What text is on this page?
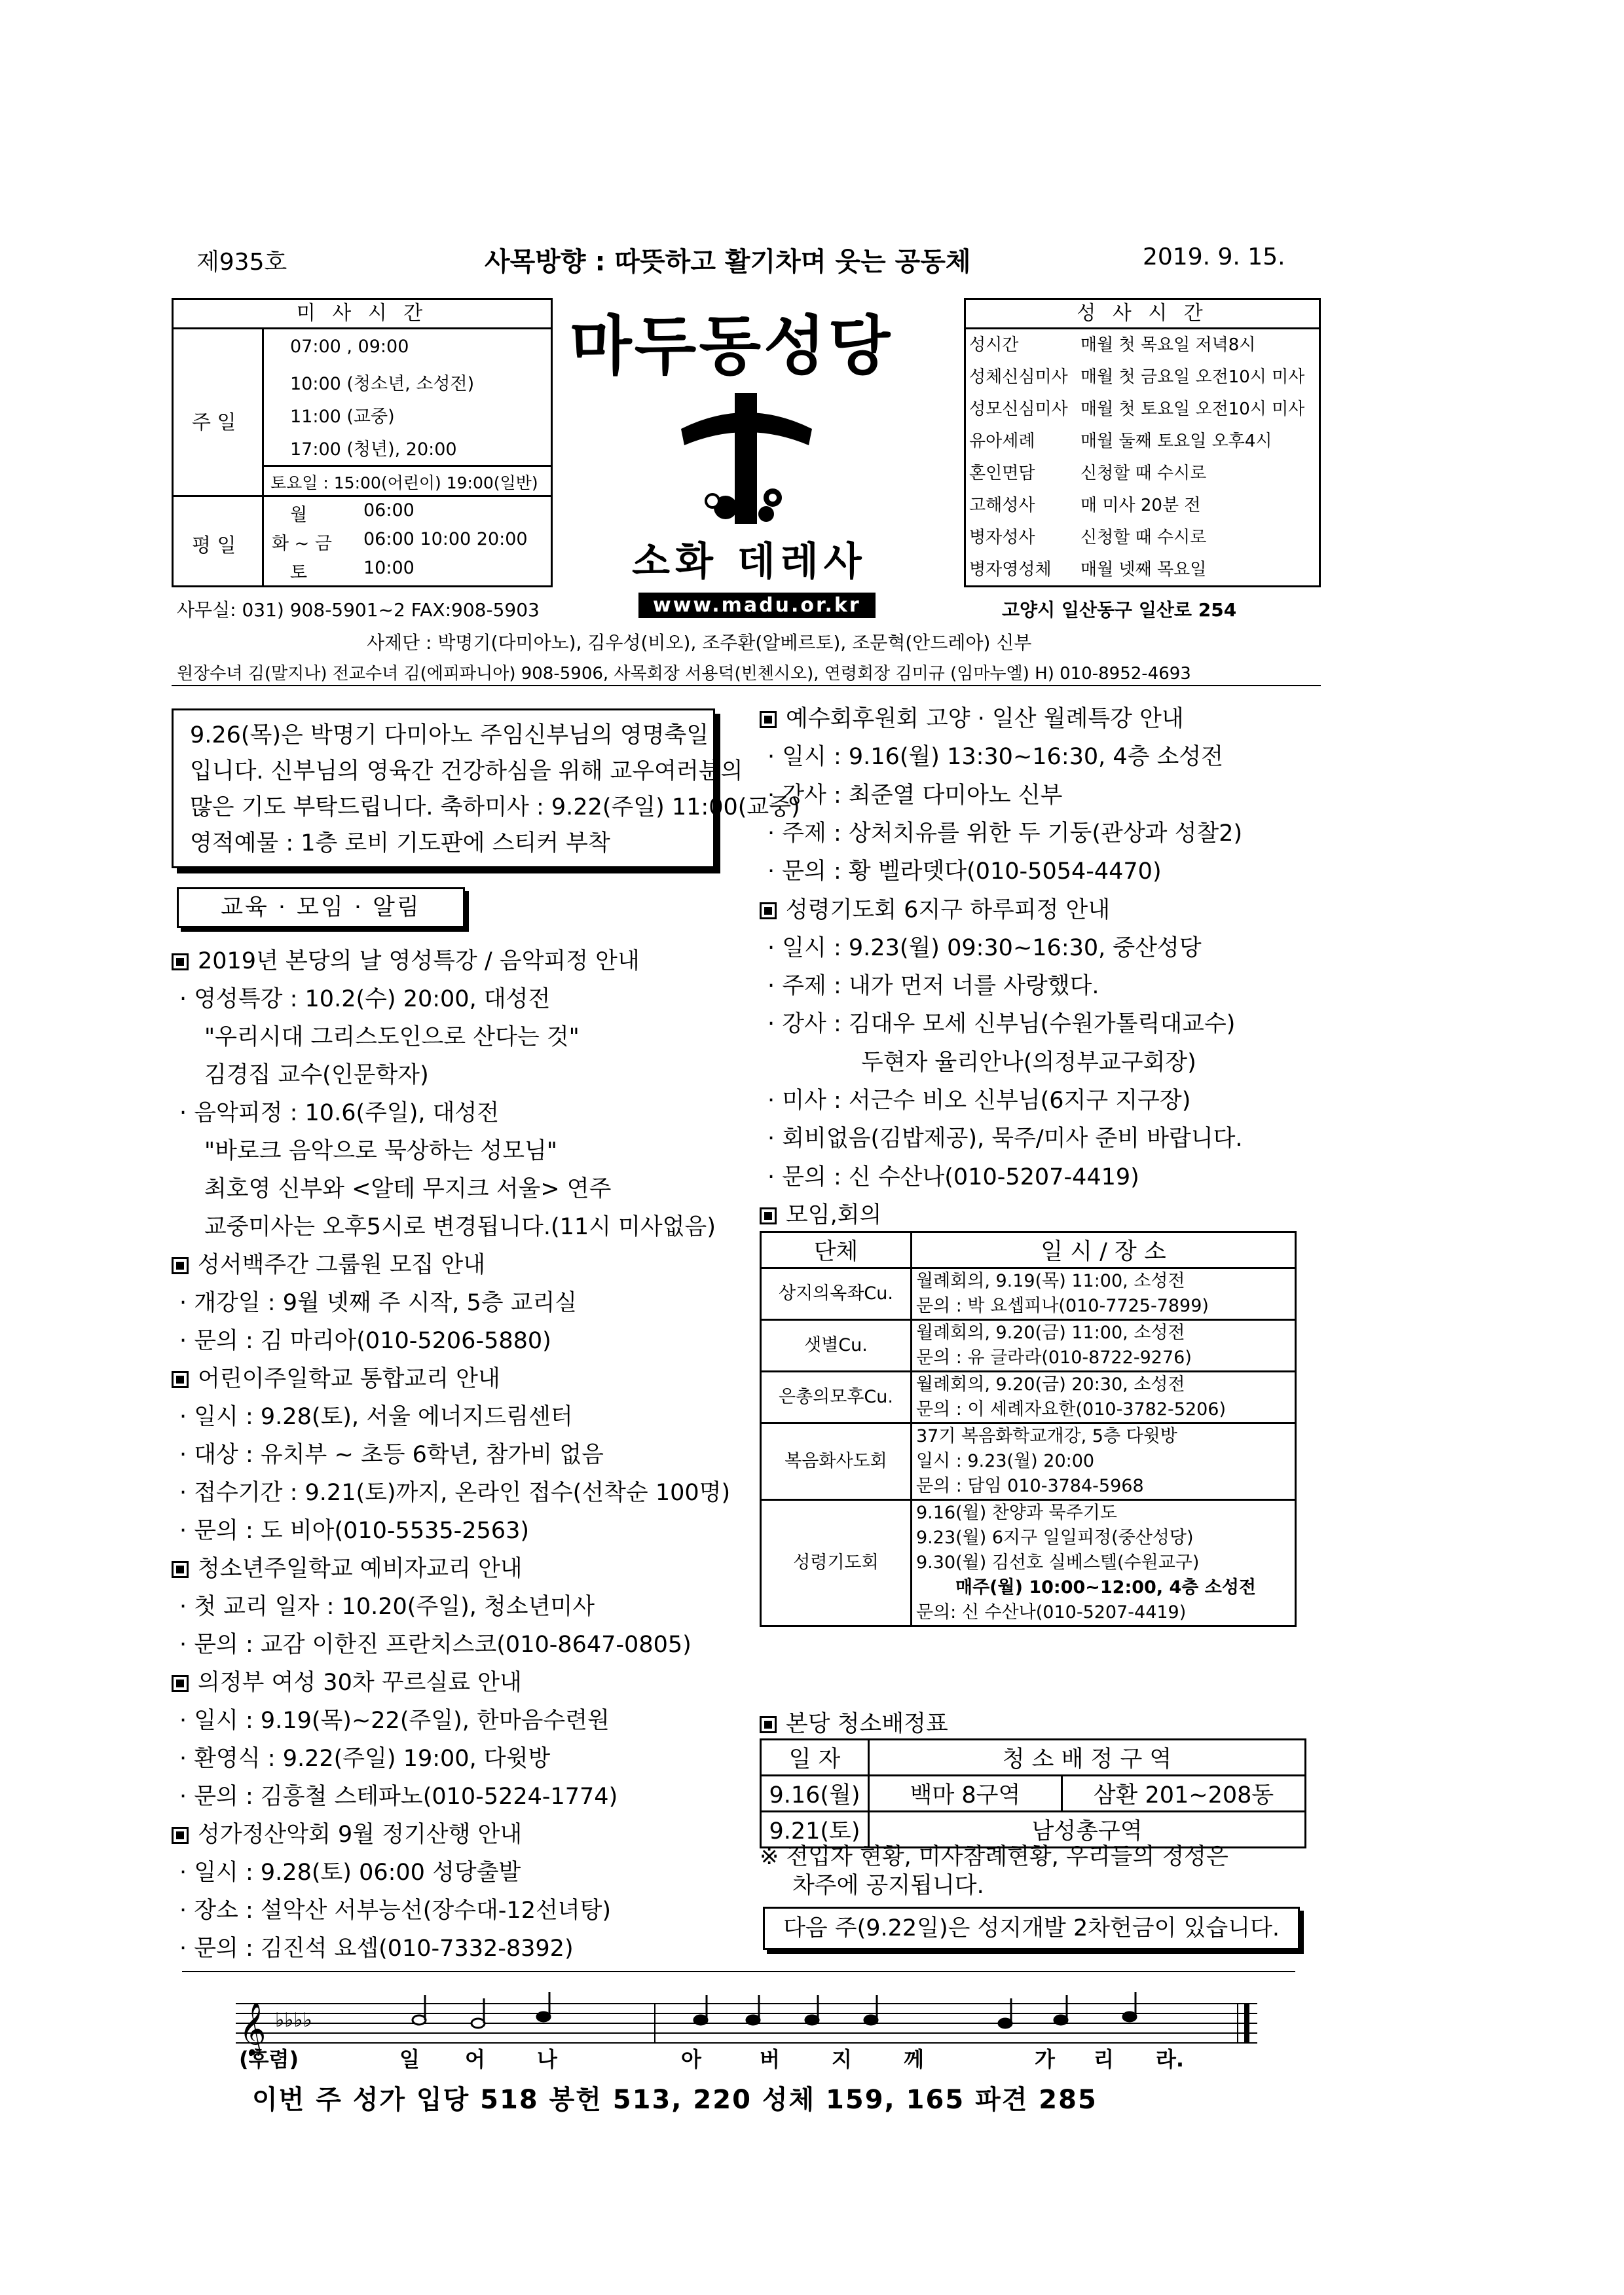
제935호	사목방향 : 따뜻하고 활기차며 웃는 공동체	2019. 9. 15.
미 사 시 간
주 일
07:00 , 09:00
10:00 (청소년, 소성전)
11:00 (교중)
17:00 (청년), 20:00
토요일 : 15:00(어린이) 19:00(일반)
평 일
월	06:00
화 ~ 금 06:00 10:00 20:00
토	10:00
마두동성당
소화 데레사
성 사 시 간
성시간	매월 첫 목요일 저녁8시
성체신심미사 매월 첫 금요일 오전10시 미사
성모신심미사 매월 첫 토요일 오전10시 미사
유아세례	매월 둘째 토요일 오후4시
혼인면담	신청할 때 수시로
고해성사	매 미사 20분 전
병자성사	신청할 때 수시로
병자영성체 매월 넷째 목요일
사무실: 031) 908-5901~2 FAX:908-5903	www.madu.or.kr	고양시 일산동구 일산로 254
사제단 : 박명기(다미아노), 김우성(비오), 조주환(알베르토), 조문혁(안드레아) 신부
원장수녀 김(말지나) 전교수녀 김(에피파니아) 908-5906, 사목회장 서용덕(빈첸시오), 연령회장 김미규 (임마누엘) H) 010-8952-4693
9.26(목)은 박명기 다미아노 주임신부님의 영명축일
입니다. 신부님의 영육간 건강하심을 위해 교우여러분의
많은 기도 부탁드립니다. 축하미사 : 9.22(주일) 11:00(교중)
영적예물 : 1층 로비 기도판에 스티커 부착
교육 · 모임 · 알림
2019년 본당의 날 영성특강 / 음악피정 안내
· 영성특강 : 10.2(수) 20:00, 대성전
"우리시대 그리스도인으로 산다는 것"
김경집 교수(인문학자)
· 음악피정 : 10.6(주일), 대성전
"바로크 음악으로 묵상하는 성모님"
최호영 신부와 <알테 무지크 서울> 연주
교중미사는 오후5시로 변경됩니다.(11시 미사없음)
성서백주간 그룹원 모집 안내
· 개강일 : 9월 넷째 주 시작, 5층 교리실
· 문의 : 김 마리아(010-5206-5880)
어린이주일학교 통합교리 안내
· 일시 : 9.28(토), 서울 에너지드림센터
· 대상 : 유치부 ~ 초등 6학년, 참가비 없음
· 접수기간 : 9.21(토)까지, 온라인 접수(선착순 100명)
· 문의 : 도 비아(010-5535-2563)
청소년주일학교 예비자교리 안내
· 첫 교리 일자 : 10.20(주일), 청소년미사
· 문의 : 교감 이한진 프란치스코(010-8647-0805)
의정부 여성 30차 꾸르실료 안내
· 일시 : 9.19(목)~22(주일), 한마음수련원
· 환영식 : 9.22(주일) 19:00, 다윗방
· 문의 : 김흥철 스테파노(010-5224-1774)
성가정산악회 9월 정기산행 안내
· 일시 : 9.28(토) 06:00 성당출발
· 장소 : 설악산 서부능선(장수대-12선녀탕)
· 문의 : 김진석 요셉(010-7332-8392)
예수회후원회 고양 · 일산 월례특강 안내
· 일시 : 9.16(월) 13:30~16:30, 4층 소성전
· 강사 : 최준열 다미아노 신부
· 주제 : 상처치유를 위한 두 기둥(관상과 성찰2)
· 문의 : 황 벨라뎃다(010-5054-4470)
성령기도회 6지구 하루피정 안내
· 일시 : 9.23(월) 09:30~16:30, 중산성당
· 주제 : 내가 먼저 너를 사랑했다.
· 강사 : 김대우 모세 신부님(수원가톨릭대교수)
두현자 율리안나(의정부교구회장)
· 미사 : 서근수 비오 신부님(6지구 지구장)
· 회비없음(김밥제공), 묵주/미사 준비 바랍니다.
· 문의 : 신 수산나(010-5207-4419)
모임,회의
단체	일 시 / 장 소
상지의옥좌Cu.	월례회의, 9.19(목) 11:00, 소성전
문의 : 박 요셉피나(010-7725-7899)

샛별Cu.	월례회의, 9.20(금) 11:00, 소성전
문의 : 유 글라라(010-8722-9276)

은총의모후Cu.	월례회의, 9.20(금) 20:30, 소성전
문의 : 이 세례자요한(010-3782-5206)

복음화사도회	37기 복음화학교개강, 5층 다윗방
일시 : 9.23(월) 20:00
문의 : 담임 010-3784-5968

성령기도회	9.16(월) 찬양과 묵주기도
9.23(월) 6지구 일일피정(중산성당)
9.30(월) 김선호 실베스텔(수원교구)
매주(월) 10:00~12:00, 4층 소성전
문의: 신 수산나(010-5207-4419)
본당 청소배정표
일 자	청 소 배 정 구 역	
9.16(월)	백마 8구역	삼환 201~208동
9.21(토)	남성총구역	
※ 전입자 현황, 미사참례현황, 우리들의 정성은
차주에 공지됩니다.
다음 주(9.22일)은 성지개발 2차헌금이 있습니다.
𝄞 ♭♭♭♭
(후렴)	일 어 나	아	버 지 께	가 리 라.
이번 주 성가 입당 518 봉헌 513, 220 성체 159, 165 파견 285
